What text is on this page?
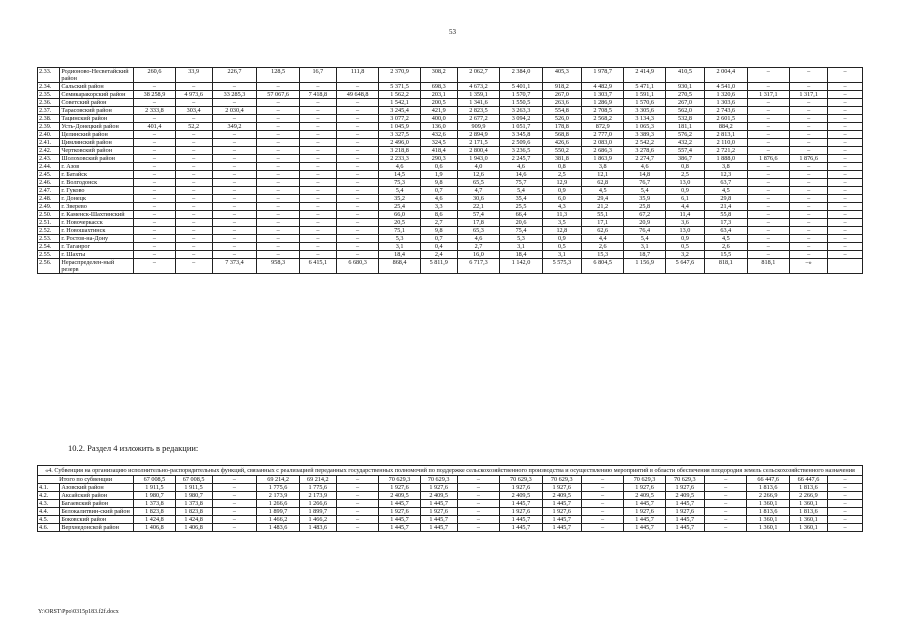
53
2.33.	Родионово-Несветайский район	260,6	33,9	226,7	128,5	16,7	111,8	2 370,9	308,2	2 062,7	2 384,0	405,3	1 978,7	2 414,9	410,5	2 004,4	–	–	–
2.34.	Сальский район	–	–	–	–	–	–	5 371,5	698,3	4 673,2	5 401,1	918,2	4 482,9	5 471,1	930,1	4 541,0	–	–	–
2.35.	Семикаракорский район	38 258,9	4 973,6	33 285,3	57 067,6	7 418,8	49 648,8	1 562,2	203,1	1 359,1	1 570,7	267,0	1 303,7	1 591,1	270,5	1 320,6	1 317,1	1 317,1	–
2.36.	Советский район	–	–	–	–	–	–	1 542,1	200,5	1 341,6	1 550,5	263,6	1 286,9	1 570,6	267,0	1 303,6	–	–	–
2.37.	Тарасовский район	2 333,8	303,4	2 030,4	–	–	–	3 245,4	421,9	2 823,5	3 263,3	554,8	2 708,5	3 305,6	562,0	2 743,6	–	–	–
2.38.	Тацинский район	–	–	–	–	–	–	3 077,2	400,0	2 677,2	3 094,2	526,0	2 568,2	3 134,3	532,8	2 601,5	–	–	–
2.39.	Усть-Донецкий район	401,4	52,2	349,2	–	–	–	1 045,9	136,0	909,9	1 051,7	178,8	872,9	1 065,3	181,1	884,2	–	–	–
2.40.	Целинский район	–	–	–	–	–	–	3 327,5	432,6	2 894,9	3 345,8	568,8	2 777,0	3 389,3	576,2	2 813,1	–	–	–
2.41.	Цимлянский район	–	–	–	–	–	–	2 496,0	324,5	2 171,5	2 509,6	426,6	2 083,0	2 542,2	432,2	2 110,0	–	–	–
2.42.	Чертковский район	–	–	–	–	–	–	3 218,8	418,4	2 800,4	3 236,5	550,2	2 686,3	3 278,6	557,4	2 721,2	–	–	–
2.43.	Шолоховский район	–	–	–	–	–	–	2 233,3	290,3	1 943,0	2 245,7	381,8	1 863,9	2 274,7	386,7	1 888,0	1 876,6	1 876,6	–
2.44.	г. Азов	–	–	–	–	–	–	4,6	0,6	4,0	4,6	0,8	3,8	4,6	0,8	3,8	–	–	–
2.45.	г. Батайск	–	–	–	–	–	–	14,5	1,9	12,6	14,6	2,5	12,1	14,8	2,5	12,3	–	–	–
2.46.	г. Волгодонск	–	–	–	–	–	–	75,3	9,8	65,5	75,7	12,9	62,8	76,7	13,0	63,7	–	–	–
2.47.	г. Гуково	–	–	–	–	–	–	5,4	0,7	4,7	5,4	0,9	4,5	5,4	0,9	4,5	–	–	–
2.48.	г. Донецк	–	–	–	–	–	–	35,2	4,6	30,6	35,4	6,0	29,4	35,9	6,1	29,8	–	–	–
2.49.	г. Зверево	–	–	–	–	–	–	25,4	3,3	22,1	25,5	4,3	21,2	25,8	4,4	21,4	–	–	–
2.50.	г. Каменск-Шахтинский	–	–	–	–	–	–	66,0	8,6	57,4	66,4	11,3	55,1	67,2	11,4	55,8	–	–	–
2.51.	г. Новочеркасск	–	–	–	–	–	–	20,5	2,7	17,8	20,6	3,5	17,1	20,9	3,6	17,3	–	–	–
2.52.	г. Новошахтинск	–	–	–	–	–	–	75,1	9,8	65,3	75,4	12,8	62,6	76,4	13,0	63,4	–	–	–
2.53.	г. Ростов-на-Дону	–	–	–	–	–	–	5,3	0,7	4,6	5,3	0,9	4,4	5,4	0,9	4,5	–	–	–
2.54.	г. Таганрог	–	–	–	–	–	–	3,1	0,4	2,7	3,1	0,5	2,6	3,1	0,5	2,6	–	–	–
2.55.	г. Шахты	–	–	–	–	–	–	18,4	2,4	16,0	18,4	3,1	15,3	18,7	3,2	15,5	–	–	–
2.56.	Нераспределен-ный резерв	–	–	7 373,4	958,3	6 415,1	6 680,3	868,4	5 811,9	6 717,3	1 142,0	5 575,3	6 804,5	1 156,9	5 647,6	818,1	818,1	–»	
10.2. Раздел 4 изложить в редакции:
«4. Субвенция на организацию исполнительно-распорядительных функций, связанных с реализацией переданных государственных полномочий по поддержке сельскохозяйственного производства и осуществлению мероприятий в области обеспечения плодородия земель сельскохозяйственного назначения																			
Итого по субвенции		67 008,5	67 008,5	–	69 214,2	69 214,2	–	70 629,3	70 629,3	–	70 629,3	70 629,3	–	70 629,3	70 629,3	–	66 447,6	66 447,6	–
4.1.	Азовский район	1 911,5	1 911,5	–	1 775,6	1 775,6	–	1 927,6	1 927,6	–	1 927,6	1 927,6	–	1 927,6	1 927,6	–	1 813,6	1 813,6	–
4.2.	Аксайский район	1 980,7	1 980,7	–	2 173,9	2 173,9	–	2 409,5	2 409,5	–	2 409,5	2 409,5	–	2 409,5	2 409,5	–	2 266,9	2 266,9	–
4.3.	Багаевский район	1 373,8	1 373,8	–	1 266,6	1 266,6	–	1 445,7	1 445,7	–	1 445,7	1 445,7	–	1 445,7	1 445,7	–	1 360,1	1 360,1	–
4.4.	Белокалитвин-ский район	1 823,8	1 823,8	–	1 899,7	1 899,7	–	1 927,6	1 927,6	–	1 927,6	1 927,6	–	1 927,6	1 927,6	–	1 813,6	1 813,6	–
4.5.	Боковский район	1 424,8	1 424,8	–	1 466,2	1 466,2	–	1 445,7	1 445,7	–	1 445,7	1 445,7	–	1 445,7	1 445,7	–	1 360,1	1 360,1	–
4.6.	Верхнедонской район	1 406,8	1 406,8	–	1 483,6	1 483,6	–	1 445,7	1 445,7	–	1 445,7	1 445,7	–	1 445,7	1 445,7	–	1 360,1	1 360,1	–
Y:\ORST\Ppo\0315p183.f2f.docx
